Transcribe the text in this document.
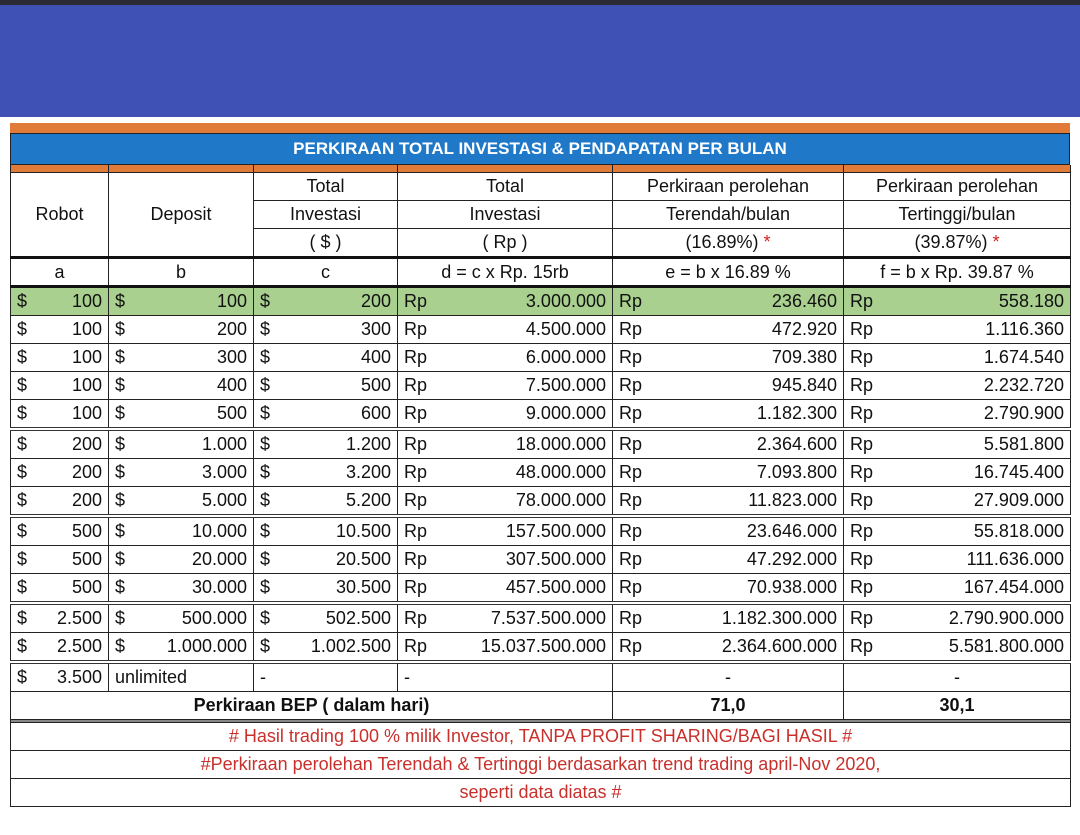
PERKIRAAN TOTAL INVESTASI & PENDAPATAN PER BULAN

Robot	Deposit	Total	Total	Perkiraan perolehan	Perkiraan perolehan
		Investasi	Investasi	Terendah/bulan	Tertinggi/bulan
		( $ )	( Rp )	(16.89%) *	(39.87%) *
a	b	c	d = c x Rp. 15rb	e = b x 16.89 %	f = b x Rp. 39.87 %

$ 100	$ 100	$ 200	Rp 3.000.000	Rp 236.460	Rp 558.180

$ 100	$ 200	$ 300	Rp 4.500.000	Rp 472.920	Rp 1.116.360

$ 100	$ 300	$ 400	Rp 6.000.000	Rp 709.380	Rp 1.674.540

$ 100	$ 400	$ 500	Rp 7.500.000	Rp 945.840	Rp 2.232.720

$ 100	$ 500	$ 600	Rp 9.000.000	Rp 1.182.300	Rp 2.790.900

$ 200	$ 1.000	$ 1.200	Rp 18.000.000	Rp 2.364.600	Rp 5.581.800

$ 200	$ 3.000	$ 3.200	Rp 48.000.000	Rp 7.093.800	Rp 16.745.400

$ 200	$ 5.000	$ 5.200	Rp 78.000.000	Rp 11.823.000	Rp 27.909.000

$ 500	$ 10.000	$ 10.500	Rp 157.500.000	Rp 23.646.000	Rp 55.818.000

$ 500	$ 20.000	$ 20.500	Rp 307.500.000	Rp 47.292.000	Rp 111.636.000

$ 500	$ 30.000	$ 30.500	Rp 457.500.000	Rp 70.938.000	Rp 167.454.000

$ 2.500	$ 500.000	$ 502.500	Rp 7.537.500.000	Rp 1.182.300.000	Rp 2.790.900.000

$ 2.500	$ 1.000.000	$ 1.002.500	Rp 15.037.500.000	Rp 2.364.600.000	Rp 5.581.800.000

$ 3.500	unlimited	-	-	-	-
Perkiraan BEP ( dalam hari)				71,0	30,1

# Hasil trading 100 % milik Investor, TANPA PROFIT SHARING/BAGI HASIL #					
#Perkiraan perolehan Terendah & Tertinggi berdasarkan trend trading april-Nov 2020,					
seperti data diatas #					
